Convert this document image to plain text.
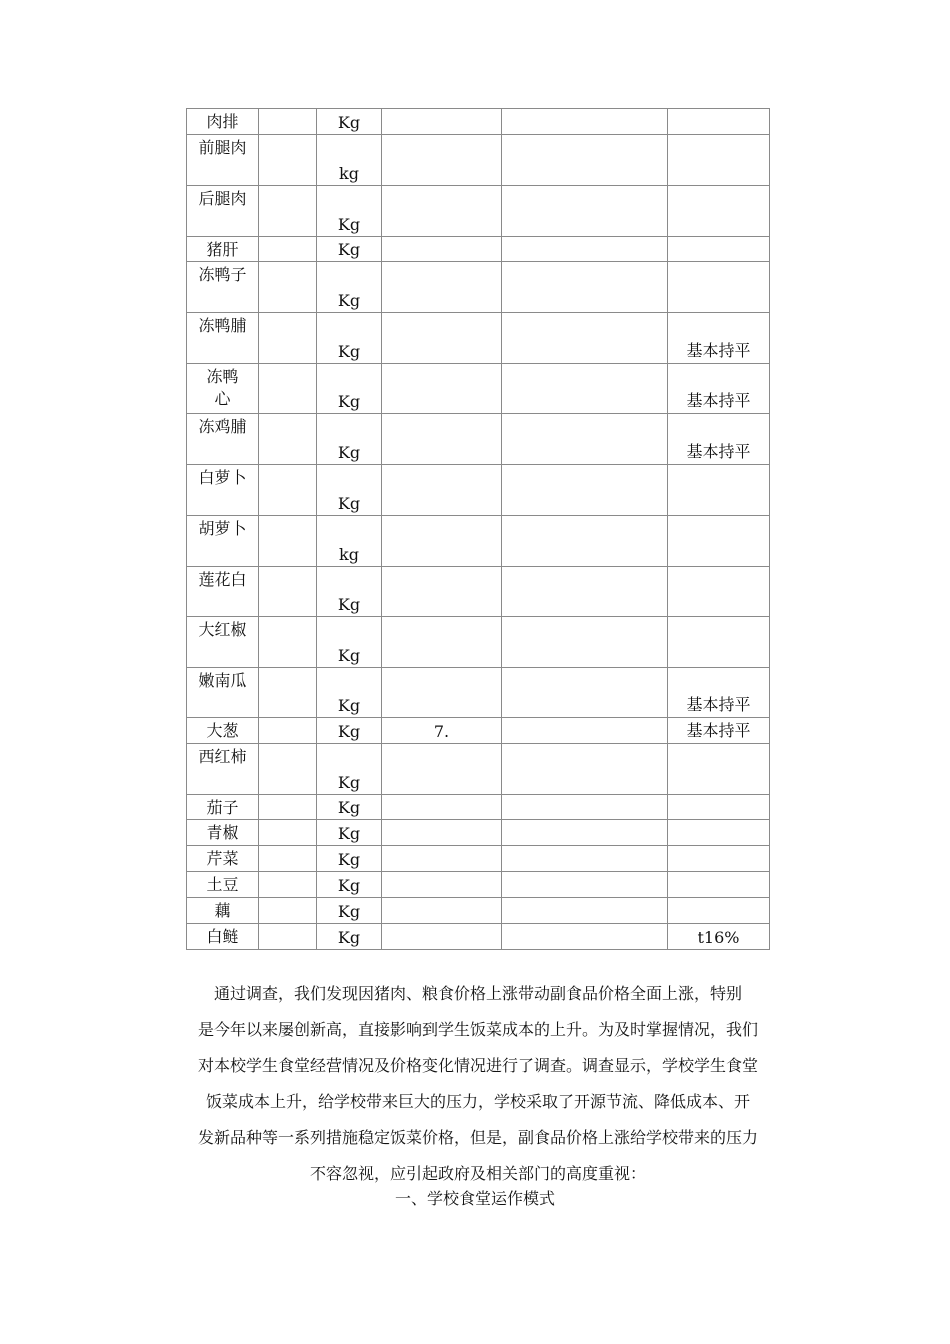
肉排		Kg			
前腿肉		kg			
后腿肉		Kg			
猪肝		Kg			
冻鸭子		Kg			
冻鸭脯		Kg			基本持平
冻鸭心		Kg			基本持平
冻鸡脯		Kg			基本持平
白萝卜		Kg			
胡萝卜		kg			
莲花白		Kg			
大红椒		Kg			
嫩南瓜		Kg			基本持平
大葱		Kg	7.		基本持平
西红柿		Kg			
茄子		Kg			
青椒		Kg			
芹菜		Kg			
土豆		Kg			
藕		Kg			
白鲢		Kg			t16%
通过调查，我们发现因猪肉、粮食价格上涨带动副食品价格全面上涨，特别
是今年以来屡创新高，直接影响到学生饭菜成本的上升。为及时掌握情况，我们
对本校学生食堂经营情况及价格变化情况进行了调查。调查显示，学校学生食堂
饭菜成本上升，给学校带来巨大的压力，学校采取了开源节流、降低成本、开
发新品种等一系列措施稳定饭菜价格，但是，副食品价格上涨给学校带来的压力
不容忽视，应引起政府及相关部门的高度重视：
一、学校食堂运作模式
